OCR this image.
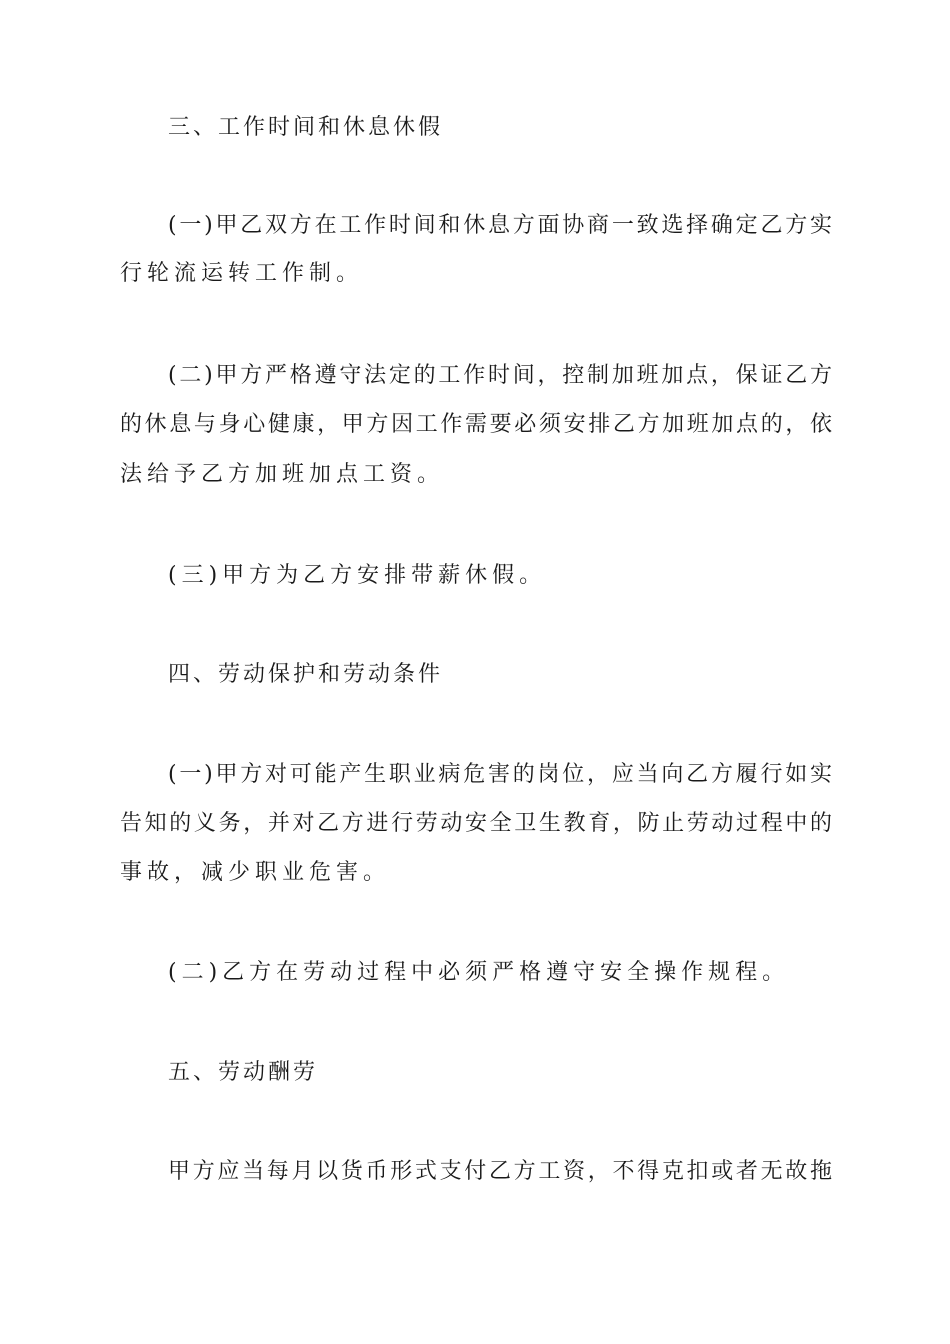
三、工作时间和休息休假
(一)甲乙双方在工作时间和休息方面协商一致选择确定乙方实
行轮流运转工作制。
(二)甲方严格遵守法定的工作时间，控制加班加点，保证乙方
的休息与身心健康，甲方因工作需要必须安排乙方加班加点的，依
法给予乙方加班加点工资。
(三)甲方为乙方安排带薪休假。
四、劳动保护和劳动条件
(一)甲方对可能产生职业病危害的岗位，应当向乙方履行如实
告知的义务，并对乙方进行劳动安全卫生教育，防止劳动过程中的
事故，减少职业危害。
(二)乙方在劳动过程中必须严格遵守安全操作规程。
五、劳动酬劳
甲方应当每月以货币形式支付乙方工资，不得克扣或者无故拖
